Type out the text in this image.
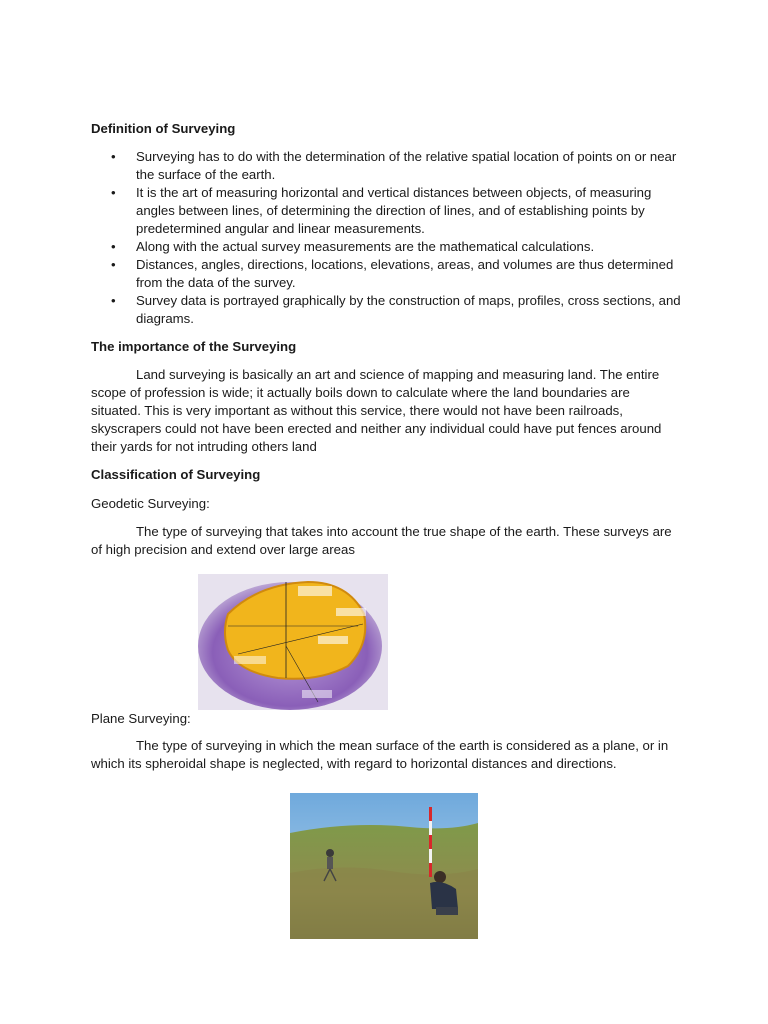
Definition of Surveying

• Surveying has to do with the determination of the relative spatial location of points on or near the surface of the earth.
• It is the art of measuring horizontal and vertical distances between objects, of measuring angles between lines, of determining the direction of lines, and of establishing points by predetermined angular and linear measurements.
• Along with the actual survey measurements are the mathematical calculations.
• Distances, angles, directions, locations, elevations, areas, and volumes are thus determined from the data of the survey.
• Survey data is portrayed graphically by the construction of maps, profiles, cross sections, and diagrams.

The importance of the Surveying

Land surveying is basically an art and science of mapping and measuring land. The entire scope of profession is wide; it actually boils down to calculate where the land boundaries are situated. This is very important as without this service, there would not have been railroads, skyscrapers could not have been erected and neither any individual could have put fences around their yards for not intruding others land

Classification of Surveying

Geodetic Surveying:

The type of surveying that takes into account the true shape of the earth. These surveys are of high precision and extend over large areas

Plane Surveying:

The type of surveying in which the mean surface of the earth is considered as a plane, or in which its spheroidal shape is neglected, with regard to horizontal distances and directions.
